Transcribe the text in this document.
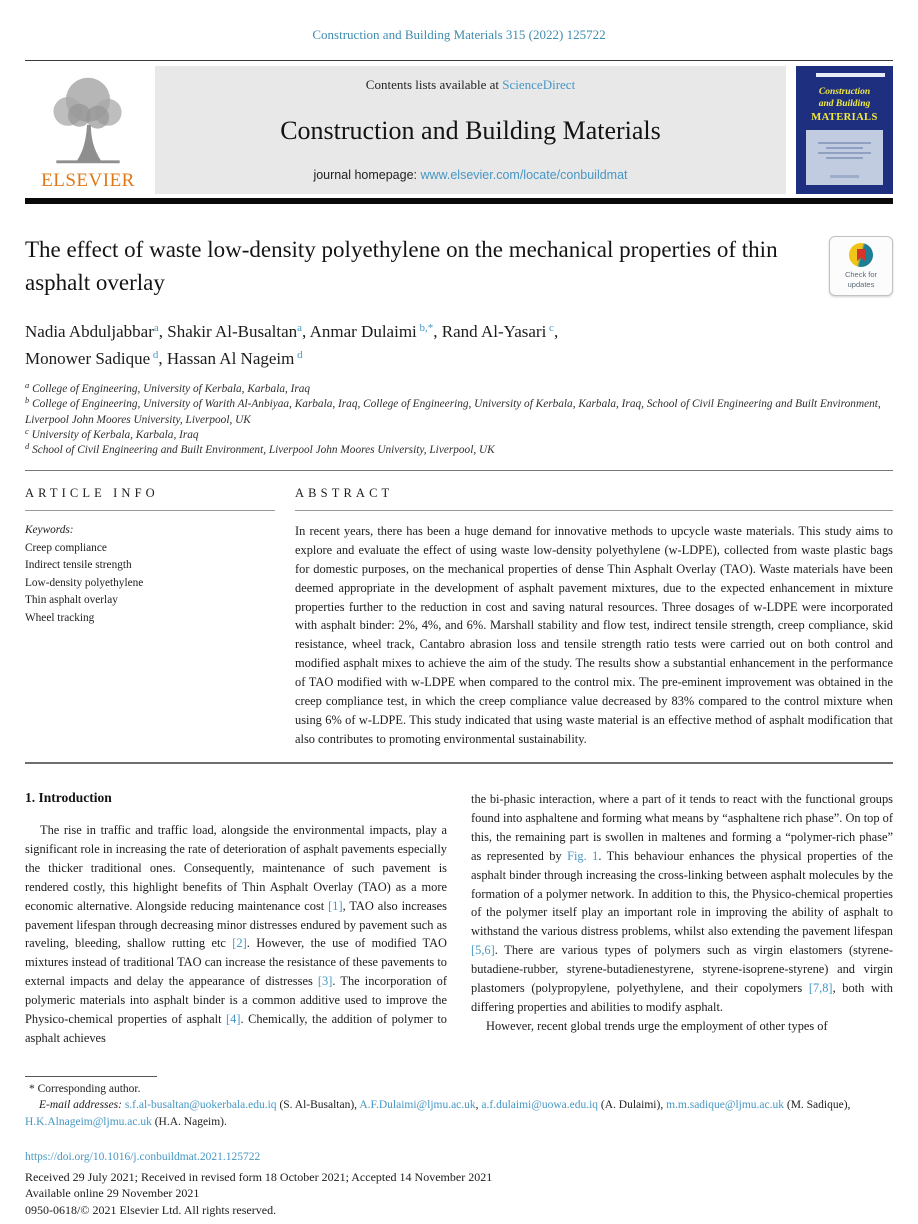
Construction and Building Materials 315 (2022) 125722
ELSEVIER
Contents lists available at ScienceDirect
Construction and Building Materials
journal homepage: www.elsevier.com/locate/conbuildmat
Construction
and Building
MATERIALS
The effect of waste low-density polyethylene on the mechanical properties of thin asphalt overlay	Check for
updates
Nadia Abduljabbar$^a$, Shakir Al-Busaltan$^a$, Anmar Dulaimi $^{b,*}$, Rand Al-Yasari $^c$,
Monower Sadique $^d$, Hassan Al Nageim $^d$
$^a$ College of Engineering, University of Kerbala, Karbala, Iraq
$^b$ College of Engineering, University of Warith Al-Anbiyaa, Karbala, Iraq, College of Engineering, University of Kerbala, Karbala, Iraq, School of Civil Engineering and Built Environment, Liverpool John Moores University, Liverpool, UK
$^c$ University of Kerbala, Karbala, Iraq
$^d$ School of Civil Engineering and Built Environment, Liverpool John Moores University, Liverpool, UK
ARTICLE INFO
Keywords:
Creep compliance
Indirect tensile strength
Low-density polyethylene
Thin asphalt overlay
Wheel tracking
ABSTRACT

In recent years, there has been a huge demand for innovative methods to upcycle waste materials. This study aims to explore and evaluate the effect of using waste low-density polyethylene (w-LDPE), collected from waste plastic bags for domestic purposes, on the mechanical properties of dense Thin Asphalt Overlay (TAO). Waste materials have been deemed appropriate in the development of asphalt pavement mixtures, due to the expected enhancement in mixture properties further to the reduction in cost and saving natural resources. Three dosages of w-LDPE were incorporated with asphalt binder: 2%, 4%, and 6%. Marshall stability and flow test, indirect tensile strength, creep compliance, skid resistance, wheel track, Cantabro abrasion loss and tensile strength ratio tests were carried out on both control and modified asphalt mixes to achieve the aim of the study. The results show a substantial enhancement in the performance of TAO modified with w-LDPE when compared to the control mix. The pre-eminent improvement was obtained in the creep compliance test, in which the creep compliance value decreased by 83% compared to the control mixture when using 6% of w-LDPE. This study indicated that using waste material is an effective method of asphalt modification that also contributes to promoting environmental sustainability.

1. Introduction

The rise in traffic and traffic load, alongside the environmental impacts, play a significant role in increasing the rate of deterioration of asphalt pavements especially the thicker traditional ones. Consequently, maintenance of such pavement is rendered costly, this highlight benefits of Thin Asphalt Overlay (TAO) as a more economic alternative. Alongside reducing maintenance cost [1], TAO also increases pavement lifespan through decreasing minor distresses endured by pavement such as raveling, bleeding, shallow rutting etc [2]. However, the use of modified TAO mixtures instead of traditional TAO can increase the resistance of these pavements to external impacts and delay the appearance of distresses [3]. The incorporation of polymeric materials into asphalt binder is a common additive used to improve the Physico-chemical properties of asphalt [4]. Chemically, the addition of polymer to asphalt achieves

the bi-phasic interaction, where a part of it tends to react with the functional groups found into asphaltene and forming what means by “asphaltene rich phase”. On top of this, the remaining part is swollen in maltenes and forming a “polymer-rich phase” as represented by Fig. 1. This behaviour enhances the physical properties of the asphalt binder through increasing the cross-linking between asphalt molecules by the formation of a polymer network. In addition to this, the Physico-chemical properties of the polymer itself play an important role in improving the ability of asphalt to withstand the various distress problems, whilst also extending the pavement lifespan [5,6]. There are various types of polymers such as virgin elastomers (styrene-butadiene-rubber, styrene-butadienestyrene, styrene-isoprene-styrene) and virgin plastomers (polypropylene, polyethylene, and their copolymers [7,8], both with differing properties and abilities to modify asphalt.

However, recent global trends urge the employment of other types of

* Corresponding author.

E-mail addresses: s.f.al-busaltan@uokerbala.edu.iq (S. Al-Busaltan), A.F.Dulaimi@ljmu.ac.uk, a.f.dulaimi@uowa.edu.iq (A. Dulaimi), m.m.sadique@ljmu.ac.uk (M. Sadique), H.K.Alnageim@ljmu.ac.uk (H.A. Nageim).

https://doi.org/10.1016/j.conbuildmat.2021.125722
Received 29 July 2021; Received in revised form 18 October 2021; Accepted 14 November 2021
Available online 29 November 2021
0950-0618/© 2021 Elsevier Ltd. All rights reserved.
